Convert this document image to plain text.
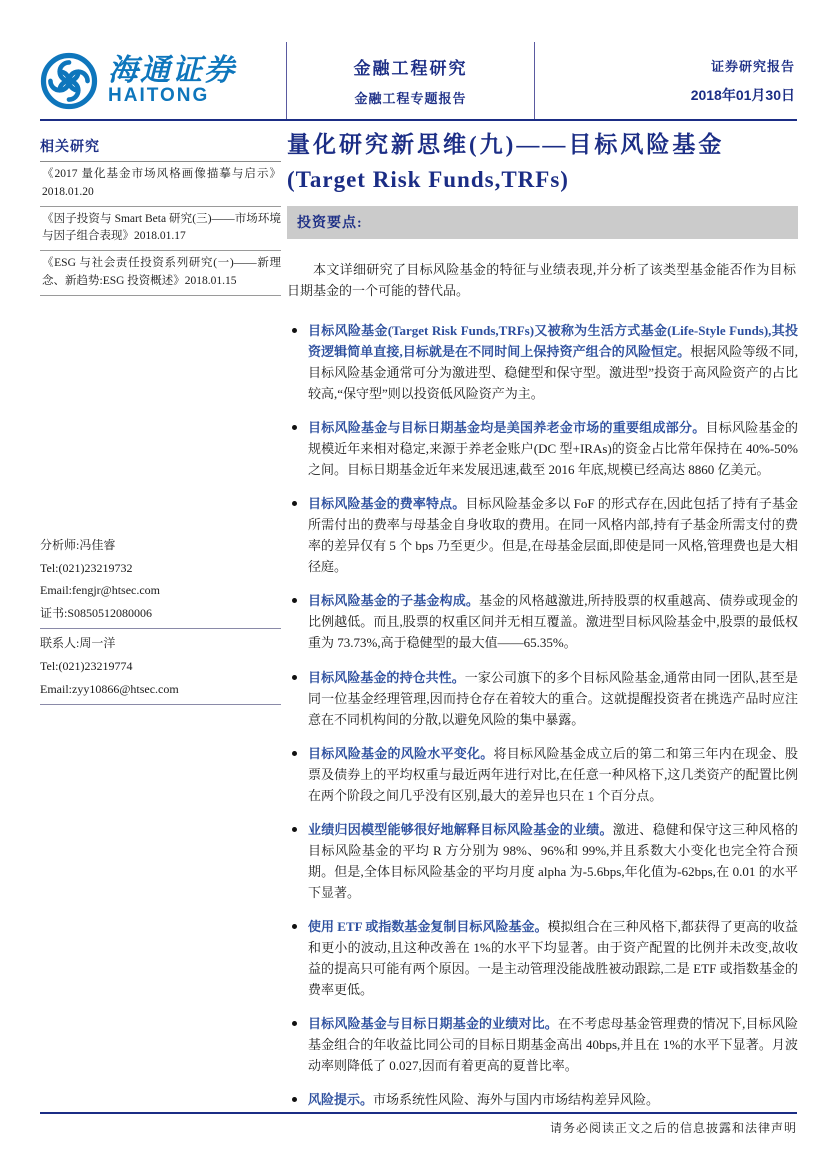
海通证券
HAITONG
金融工程研究
金融工程专题报告
证券研究报告
2018年01月30日
相关研究
《2017 量化基金市场风格画像描摹与启示》2018.01.20
《因子投资与 Smart Beta 研究(三)——市场环境与因子组合表现》2018.01.17
《ESG 与社会责任投资系列研究(一)——新理念、新趋势:ESG 投资概述》2018.01.15
分析师:冯佳睿
Tel:(021)23219732
Email:fengjr@htsec.com
证书:S0850512080006
联系人:周一洋
Tel:(021)23219774
Email:zyy10866@htsec.com
量化研究新思维(九)——目标风险基金
(Target Risk Funds,TRFs)
投资要点:

本文详细研究了目标风险基金的特征与业绩表现,并分析了该类型基金能否作为目标日期基金的一个可能的替代品。

目标风险基金(Target Risk Funds,TRFs)又被称为生活方式基金(Life-Style Funds),其投资逻辑简单直接,目标就是在不同时间上保持资产组合的风险恒定。根据风险等级不同,目标风险基金通常可分为激进型、稳健型和保守型。激进型”投资于高风险资产的占比较高,“保守型”则以投资低风险资产为主。
目标风险基金与目标日期基金均是美国养老金市场的重要组成部分。目标风险基金的规模近年来相对稳定,来源于养老金账户(DC 型+IRAs)的资金占比常年保持在 40%-50%之间。目标日期基金近年来发展迅速,截至 2016 年底,规模已经高达 8860 亿美元。
目标风险基金的费率特点。目标风险基金多以 FoF 的形式存在,因此包括了持有子基金所需付出的费率与母基金自身收取的费用。在同一风格内部,持有子基金所需支付的费率的差异仅有 5 个 bps 乃至更少。但是,在母基金层面,即使是同一风格,管理费也是大相径庭。
目标风险基金的子基金构成。基金的风格越激进,所持股票的权重越高、债券或现金的比例越低。而且,股票的权重区间并无相互覆盖。激进型目标风险基金中,股票的最低权重为 73.73%,高于稳健型的最大值——65.35%。
目标风险基金的持仓共性。一家公司旗下的多个目标风险基金,通常由同一团队,甚至是同一位基金经理管理,因而持仓存在着较大的重合。这就提醒投资者在挑选产品时应注意在不同机构间的分散,以避免风险的集中暴露。
目标风险基金的风险水平变化。将目标风险基金成立后的第二和第三年内在现金、股票及债券上的平均权重与最近两年进行对比,在任意一种风格下,这几类资产的配置比例在两个阶段之间几乎没有区别,最大的差异也只在 1 个百分点。
业绩归因模型能够很好地解释目标风险基金的业绩。激进、稳健和保守这三种风格的目标风险基金的平均 R 方分别为 98%、96%和 99%,并且系数大小变化也完全符合预期。但是,全体目标风险基金的平均月度 alpha 为-5.6bps,年化值为-62bps,在 0.01 的水平下显著。
使用 ETF 或指数基金复制目标风险基金。模拟组合在三种风格下,都获得了更高的收益和更小的波动,且这种改善在 1%的水平下均显著。由于资产配置的比例并未改变,故收益的提高只可能有两个原因。一是主动管理没能战胜被动跟踪,二是 ETF 或指数基金的费率更低。
目标风险基金与目标日期基金的业绩对比。在不考虑母基金管理费的情况下,目标风险基金组合的年收益比同公司的目标日期基金高出 40bps,并且在 1%的水平下显著。月波动率则降低了 0.027,因而有着更高的夏普比率。
风险提示。市场系统性风险、海外与国内市场结构差异风险。
请务必阅读正文之后的信息披露和法律声明
